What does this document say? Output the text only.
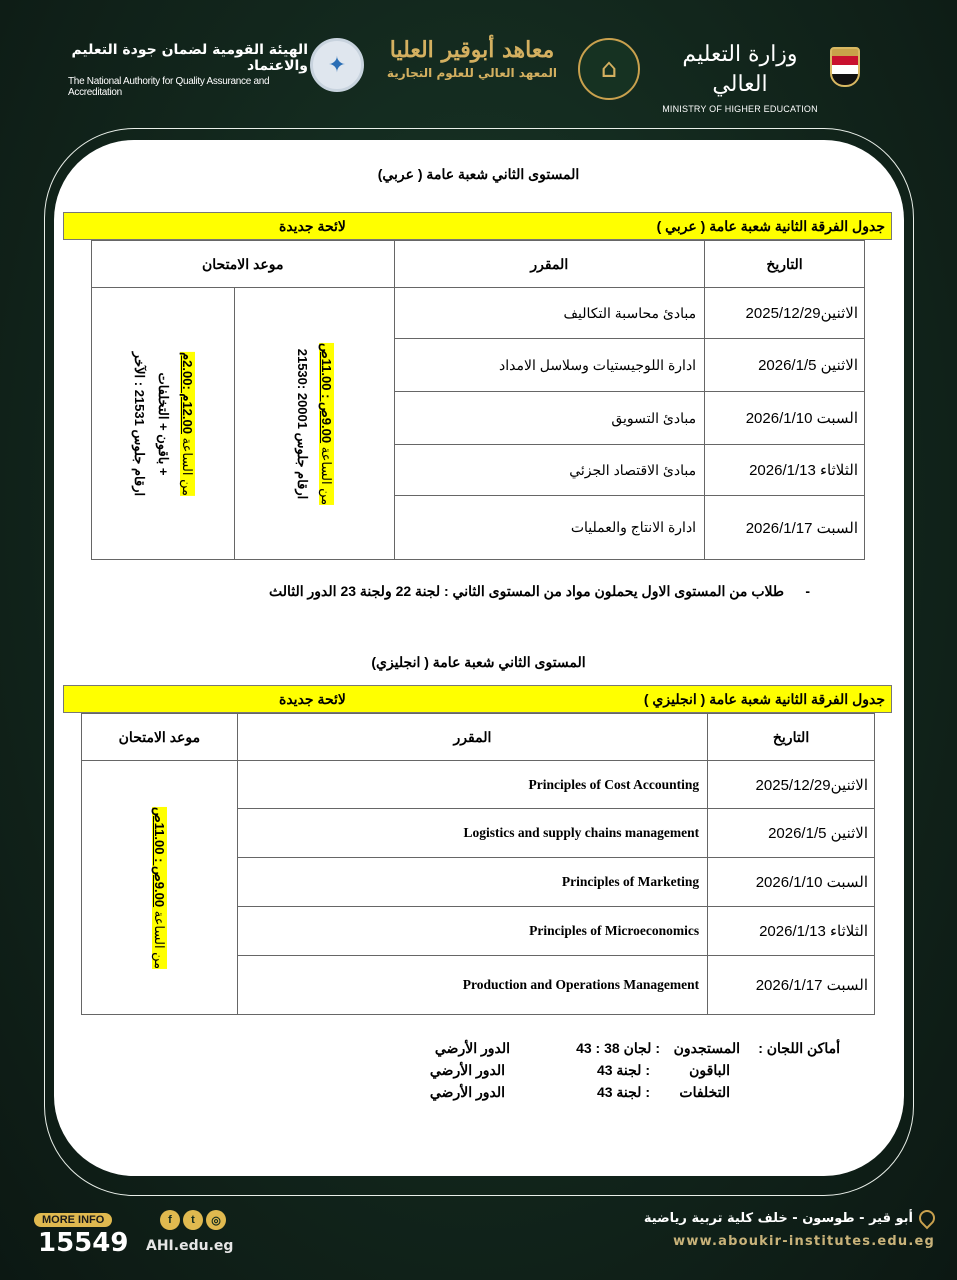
الهيئة القومية لضمان جودة التعليم والاعتماد
The National Authority for Quality Assurance and Accreditation
✦
معاهد أبوقير العليا
المعهد العالي للعلوم التجارية	⌂	وزارة التعليم العالي
MINISTRY OF HIGHER EDUCATION
المستوى الثاني شعبة عامة ( عربي)
جدول الفرقة الثانية شعبة عامة ( عربي )
لائحة جديدة
التاريخ	المقرر	موعد الامتحان	
الاثنين2025/12/29	مبادئ محاسبة التكاليف	من الساعة 9.00ص : 11.00ص
ارقام جلوس 20001 :21530	من الساعة 12.00م :2.00م
+ باقون + التخلفات
ارقام جلوس 21531 : الآخر

الاثنين 2026/1/5	ادارة اللوجيستيات وسلاسل الامداد		
السبت 2026/1/10	مبادئ التسويق		
الثلاثاء 2026/1/13	مبادئ الاقتصاد الجزئي		
السبت 2026/1/17	ادارة الانتاج والعمليات		
-طلاب من المستوى الاول يحملون مواد من المستوى الثاني : لجنة 22 ولجنة 23 الدور الثالث
المستوى الثاني شعبة عامة ( انجليزي)
جدول الفرقة الثانية شعبة عامة ( انجليزي )
لائحة جديدة
التاريخ	المقرر	موعد الامتحان
الاثنين2025/12/29	Principles of Cost Accounting	من الساعة 9.00ص : 11.00ص

الاثنين 2026/1/5	Logistics and supply chains management	
السبت 2026/1/10	Principles of Marketing	
الثلاثاء 2026/1/13	Principles of Microeconomics	
السبت 2026/1/17	Production and Operations Management	
أماكن اللجان :
المستجدون
: لجان 38 : 43
الدور الأرضي
الباقون
: لجنة 43
الدور الأرضي
التخلفات
: لجنة 43
الدور الأرضي
MORE INFO
15549
f	t	◎
AHI.edu.eg
أبو قير - طوسون - خلف كلية تربية رياضية
www.aboukir-institutes.edu.eg
